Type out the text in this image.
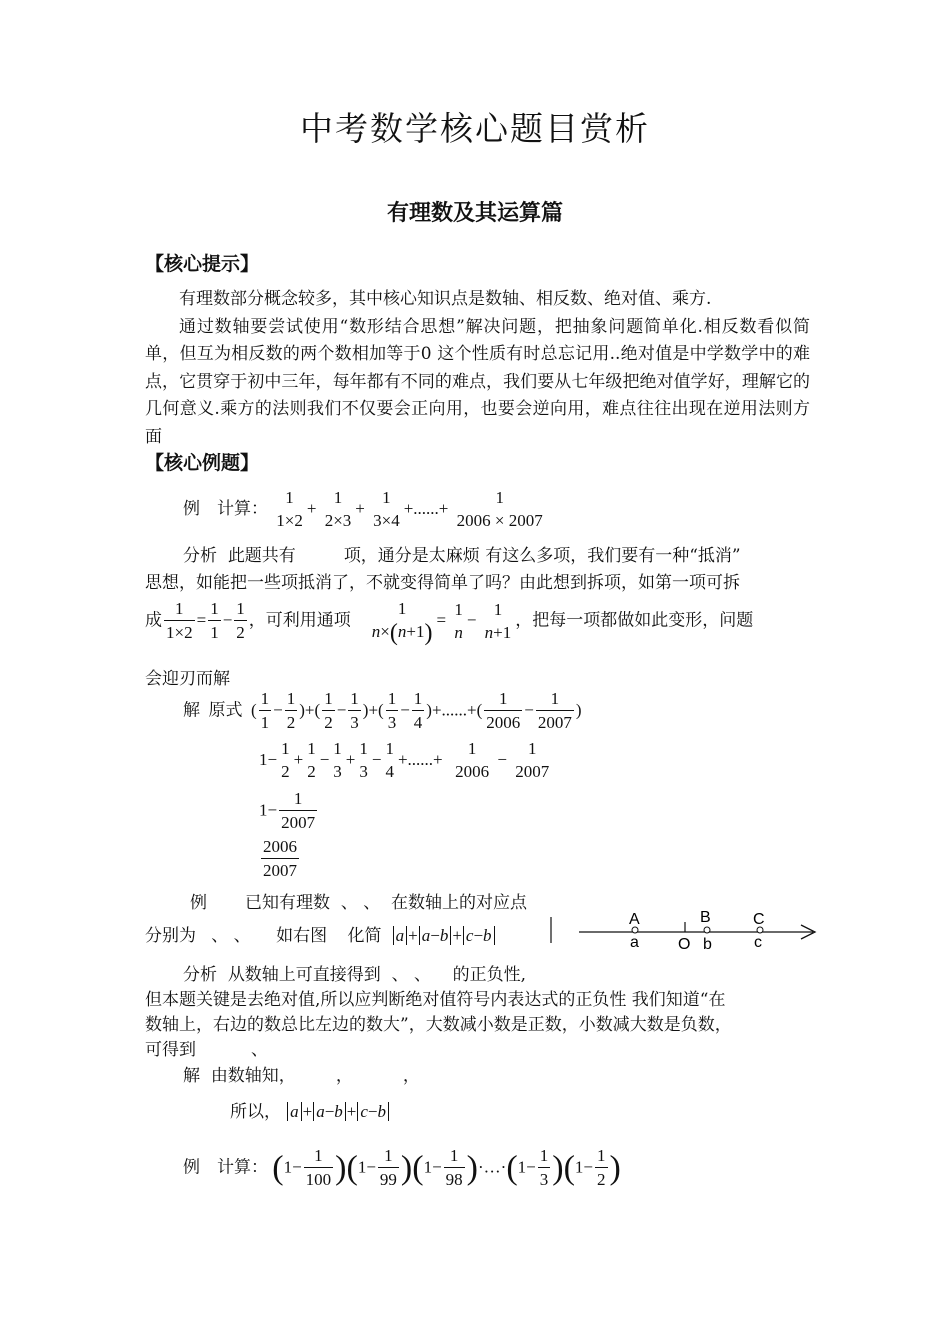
中考数学核心题目赏析
有理数及其运算篇
【核心提示】

有理数部分概念较多，其中核心知识点是数轴、相反数、绝对值、乘方.

通过数轴要尝试使用“数形结合思想”解决问题，把抽象问题简单化.相反数看似简单，但互为相反数的两个数相加等于0 这个性质有时总忘记用..绝对值是中学数学中的难点，它贯穿于初中三年，每年都有不同的难点，我们要从七年级把绝对值学好，理解它的几何意义.乘方的法则我们不仅要会正向用，也要会逆向用，难点往往出现在逆用法则方面

【核心例题】
例 计算：
1
1×2
+
1
2×3
+
1
3×4
+......+
1
2006 × 2007
分析 此题共有	项，通分是太麻烦 有这么多项，我们要有一种“抵消”
思想，如能把一些项抵消了，不就变得简单了吗？由此想到拆项，如第一项可拆
成 $\frac{1}{1\times 2} = \frac{1}{1} - \frac{1}{2}$ ，可利用通项
1
n×(n+1)
=
1
n
−
1
n+1
，把每一项都做如此变形，问题
会迎刃而解
解 原式  ( $\frac{1}{1} - \frac{1}{2}$ )+( $\frac{1}{2} - \frac{1}{3}$ )+( $\frac{1}{3} - \frac{1}{4}$ )+......+( $\frac{1}{2006} - \frac{1}{2007}$ )
1−
1
2
+
1
2
−
1
3
+
1
3
−
1
4
+......+
1
2006
−
1
2007
$1- \frac{1}{2007}$
$\frac{2006}{2007}$
例 已知有理数 、 、 在数轴上的对应点
分别为 、 、 如右图 化简 a + a−b + c−b
A
a O
B
b
C
c
分析 从数轴上可直接得到 、 、 的正负性,
但本题关键是去绝对值,所以应判断绝对值符号内表达式的正负性 我们知道“在
数轴上，右边的数总比左边的数大”，大数减小数是正数，小数减大数是负数，
可得到	、
解 由数轴知， ，	，
所以， a + a−b + c−b
例 计算： $(1- \frac{1}{100} )(1- \frac{1}{99} )(1- \frac{1}{98}$ )·…·(1− $\frac{1}{3} )(1- \frac{1}{2}$ )
